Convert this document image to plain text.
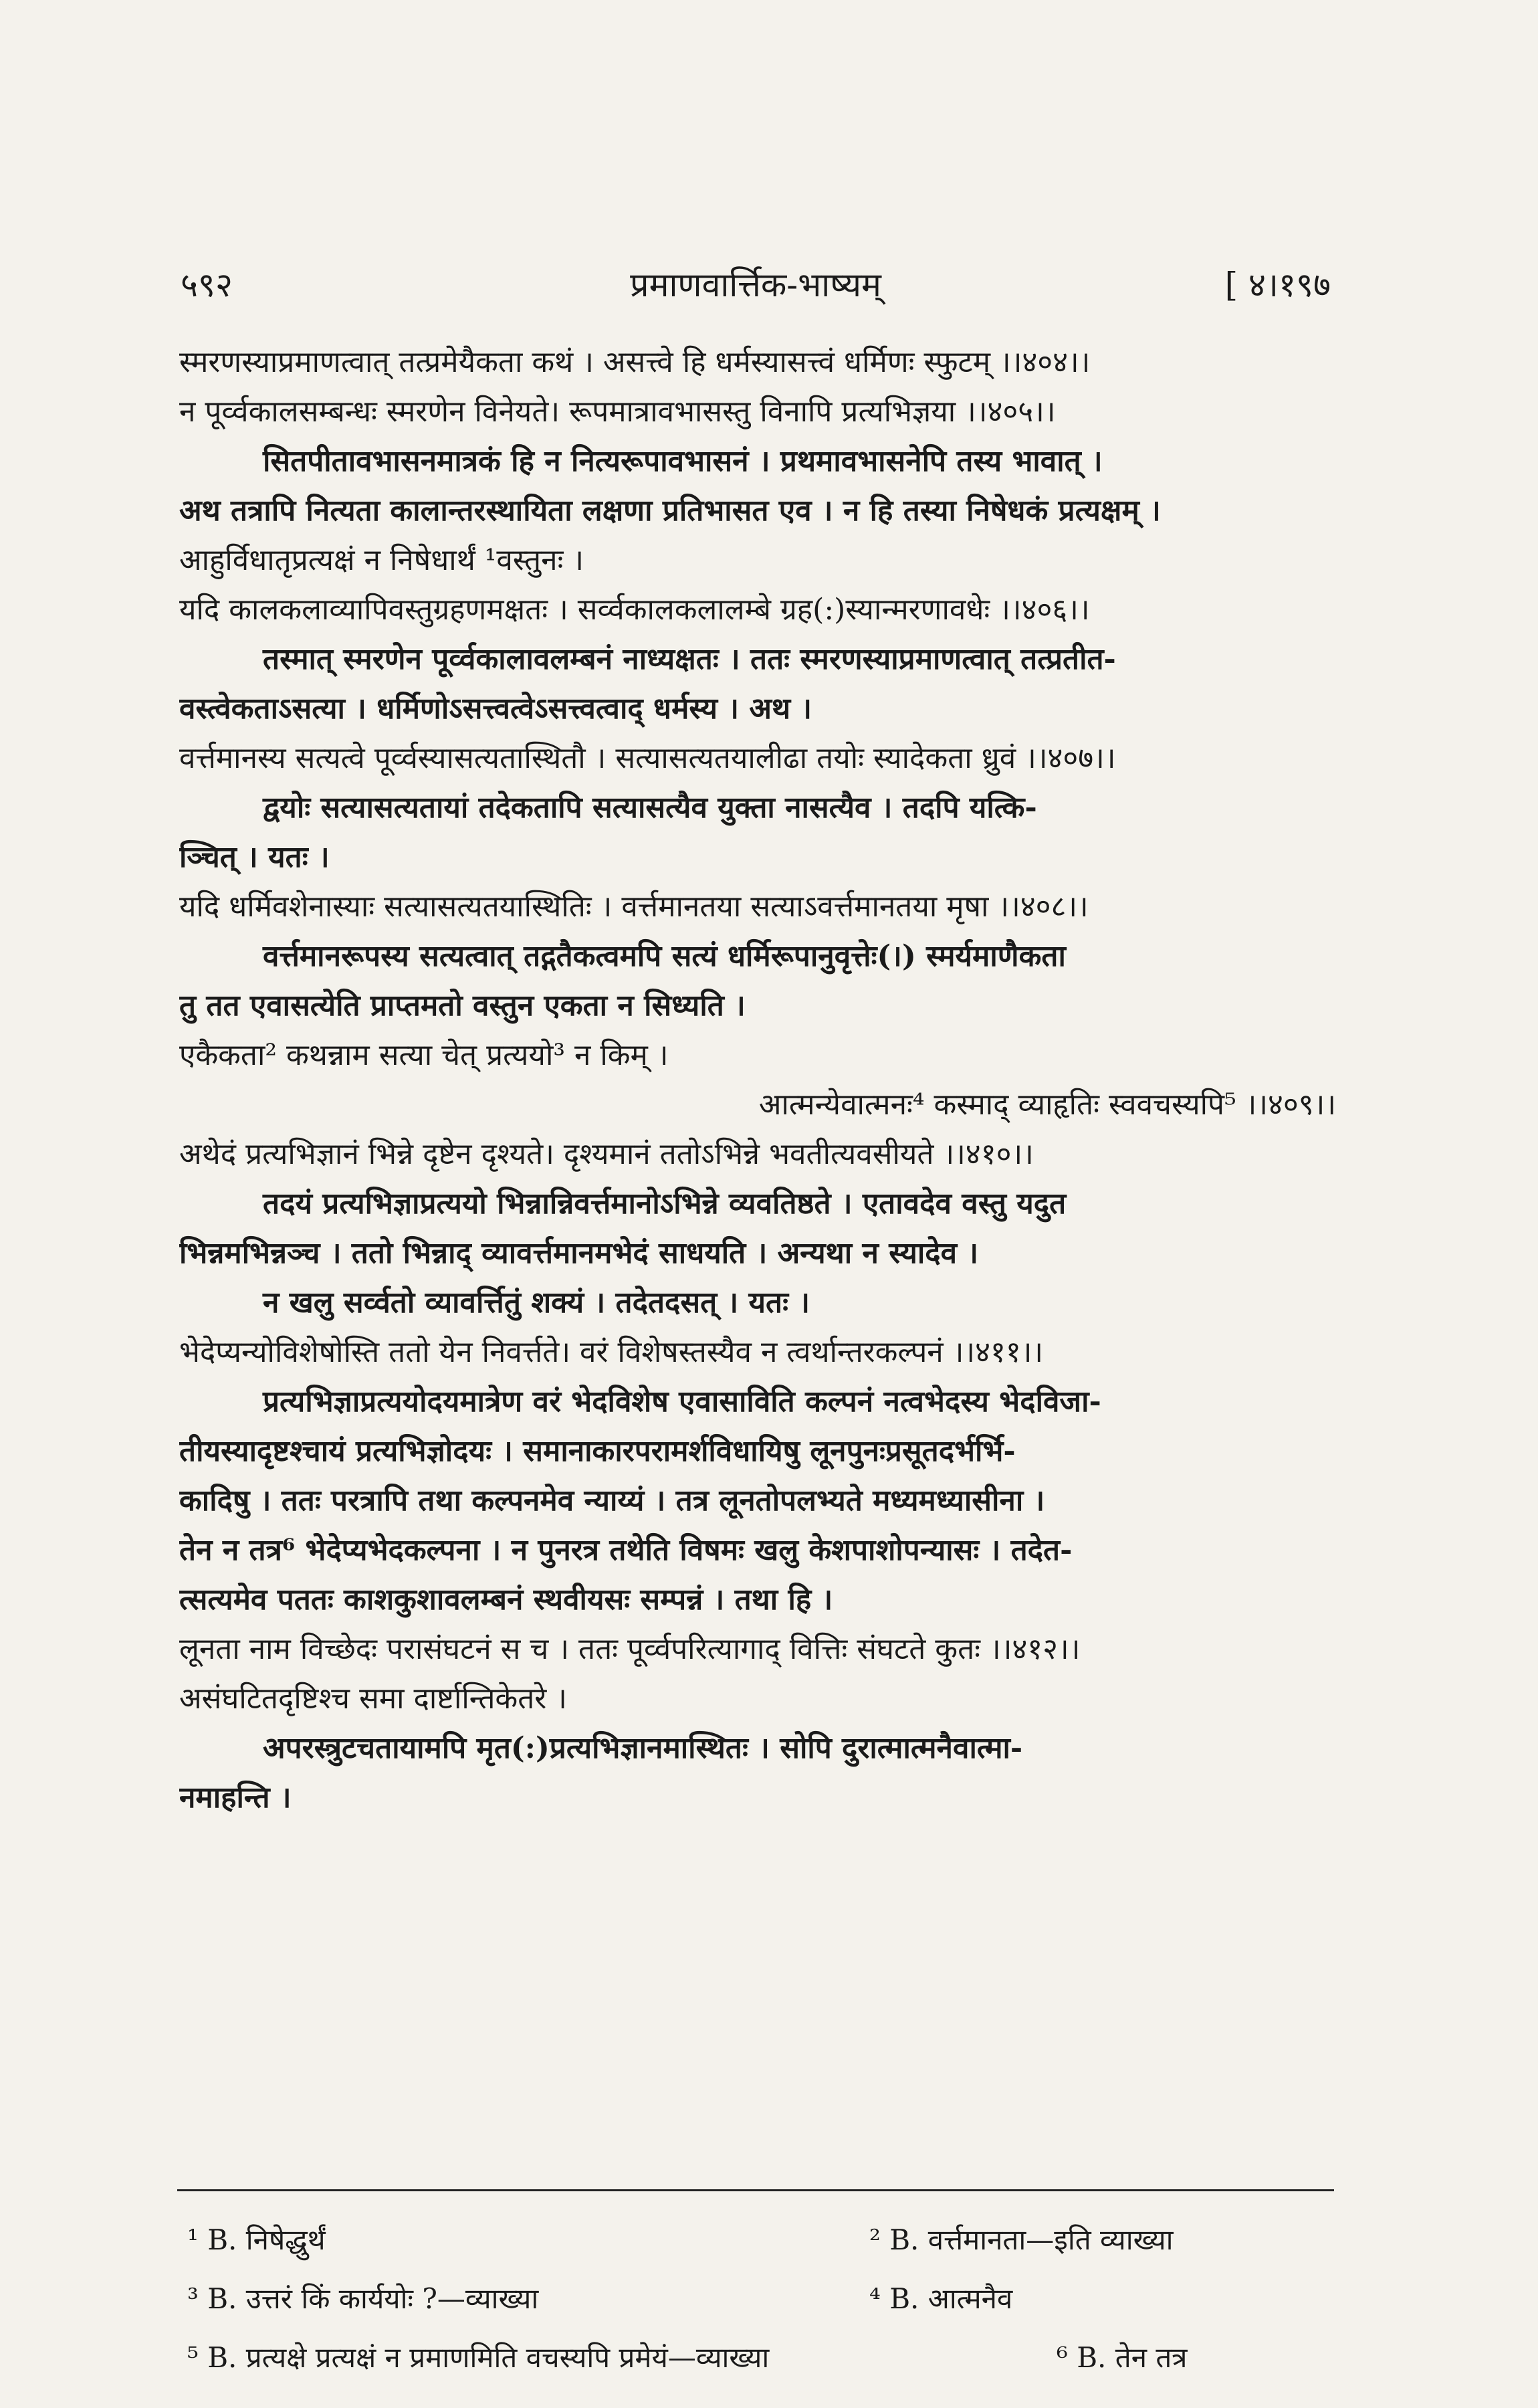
५९२	प्रमाणवार्त्तिक-भाष्यम्	[ ४।१९७
स्मरणस्याप्रमाणत्वात् तत्प्रमेयैकता कथं । असत्त्वे हि धर्मस्यासत्त्वं धर्मिणः स्फुटम् ।।४०४।।
न पूर्व्वकालसम्बन्धः स्मरणेन विनेयते। रूपमात्रावभासस्तु विनापि प्रत्यभिज्ञया ।।४०५।।
सितपीतावभासनमात्रकं हि न नित्यरूपावभासनं । प्रथमावभासनेपि तस्य भावात् ।
अथ तत्रापि नित्यता कालान्तरस्थायिता लक्षणा प्रतिभासत एव । न हि तस्या निषेधकं प्रत्यक्षम् ।
आहुर्विधातृप्रत्यक्षं न निषेधार्थं ¹वस्तुनः ।
यदि कालकलाव्यापिवस्तुग्रहणमक्षतः । सर्व्वकालकलालम्बे ग्रह(:)स्यान्मरणावधेः ।।४०६।।
तस्मात् स्मरणेन पूर्व्वकालावलम्बनं नाध्यक्षतः । ततः स्मरणस्याप्रमाणत्वात् तत्प्रतीत-
वस्त्वेकताऽसत्या । धर्मिणोऽसत्त्वत्वेऽसत्त्वत्वाद् धर्मस्य । अथ ।
वर्त्तमानस्य सत्यत्वे पूर्व्वस्यासत्यतास्थितौ । सत्यासत्यतयालीढा तयोः स्यादेकता ध्रुवं ।।४०७।।
द्वयोः सत्यासत्यतायां तदेकतापि सत्यासत्यैव युक्ता नासत्यैव । तदपि यत्कि-
ञ्चित् । यतः ।
यदि धर्मिवशेनास्याः सत्यासत्यतयास्थितिः । वर्त्तमानतया सत्याऽवर्त्तमानतया मृषा ।।४०८।।
वर्त्तमानरूपस्य सत्यत्वात् तद्गतैकत्वमपि सत्यं धर्मिरूपानुवृत्तेः(।) स्मर्यमाणैकता
तु तत एवासत्येति प्राप्तमतो वस्तुन एकता न सिध्यति ।
एकैकता² कथन्नाम सत्या चेत् प्रत्ययो³ न किम् ।
आत्मन्येवात्मनः⁴ कस्माद् व्याहृतिः स्ववचस्यपि⁵ ।।४०९।।
अथेदं प्रत्यभिज्ञानं भिन्ने दृष्टेन दृश्यते। दृश्यमानं ततोऽभिन्ने भवतीत्यवसीयते ।।४१०।।
तदयं प्रत्यभिज्ञाप्रत्ययो भिन्नान्निवर्त्तमानोऽभिन्ने व्यवतिष्ठते । एतावदेव वस्तु यदुत
भिन्नमभिन्नञ्च । ततो भिन्नाद् व्यावर्त्तमानमभेदं साधयति । अन्यथा न स्यादेव ।
न खलु सर्व्वतो व्यावर्त्तितुं शक्यं । तदेतदसत् । यतः ।
भेदेप्यन्योविशेषोस्ति ततो येन निवर्त्तते। वरं विशेषस्तस्यैव न त्वर्थान्तरकल्पनं ।।४११।।
प्रत्यभिज्ञाप्रत्ययोदयमात्रेण वरं भेदविशेष एवासाविति कल्पनं नत्वभेदस्य भेदविजा-
तीयस्यादृष्टश्चायं प्रत्यभिज्ञोदयः । समानाकारपरामर्शविधायिषु लूनपुनःप्रसूतदर्भर्भि-
कादिषु । ततः परत्रापि तथा कल्पनमेव न्याय्यं । तत्र लूनतोपलभ्यते मध्यमध्यासीना ।
तेन न तत्र⁶ भेदेप्यभेदकल्पना । न पुनरत्र तथेति विषमः खलु केशपाशोपन्यासः । तदेत-
त्सत्यमेव पततः काशकुशावलम्बनं स्थवीयसः सम्पन्नं । तथा हि ।
लूनता नाम विच्छेदः परासंघटनं स च । ततः पूर्व्वपरित्यागाद् वित्तिः संघटते कुतः ।।४१२।।
असंघटितदृष्टिश्च समा दार्ष्टान्तिकेतरे ।
अपरस्त्रुटचतायामपि मृत(:)प्रत्यभिज्ञानमास्थितः । सोपि दुरात्मात्मनैवात्मा-
नमाहन्ति ।
¹ B. निषेद्धुर्थं	² B. वर्त्तमानता—इति व्याख्या
³ B. उत्तरं किं कार्ययोः ?—व्याख्या	⁴ B. आत्मनैव
⁵ B. प्रत्यक्षे प्रत्यक्षं न प्रमाणमिति वचस्यपि प्रमेयं—व्याख्या	⁶ B. तेन तत्र
